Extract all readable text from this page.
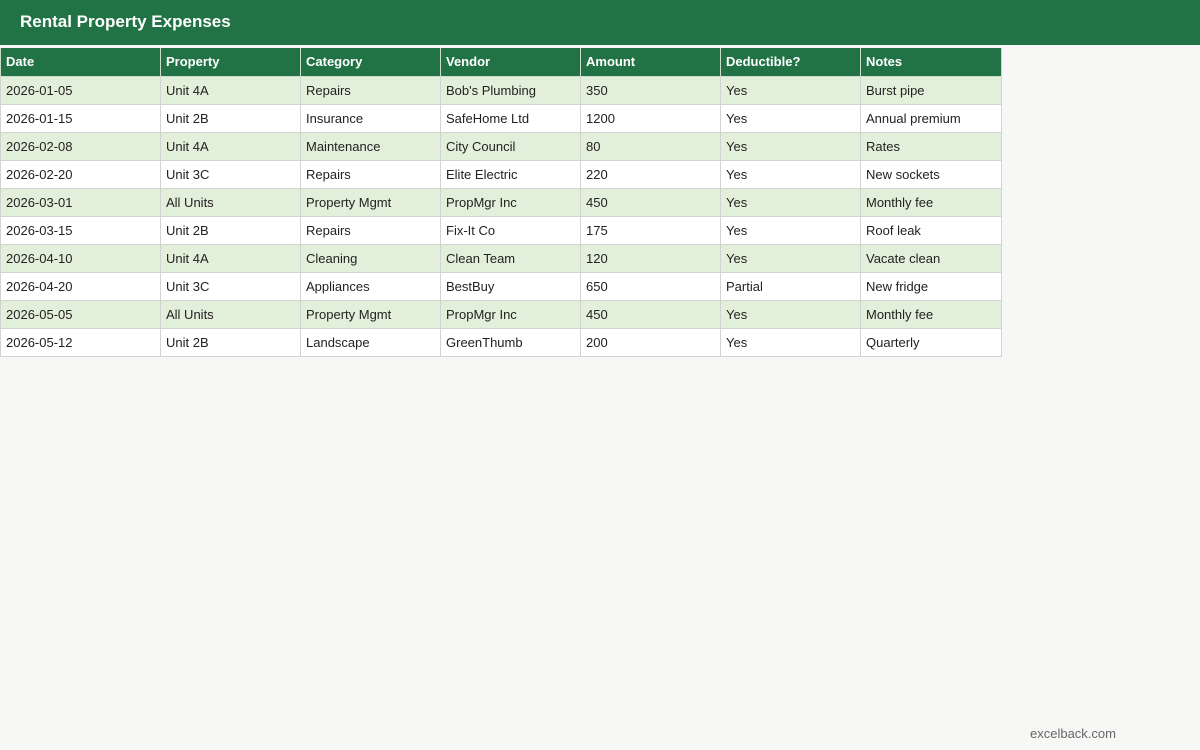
Rental Property Expenses
Date	Property	Category	Vendor	Amount	Deductible?	Notes
2026-01-05	Unit 4A	Repairs	Bob's Plumbing	350	Yes	Burst pipe
2026-01-15	Unit 2B	Insurance	SafeHome Ltd	1200	Yes	Annual premium
2026-02-08	Unit 4A	Maintenance	City Council	80	Yes	Rates
2026-02-20	Unit 3C	Repairs	Elite Electric	220	Yes	New sockets
2026-03-01	All Units	Property Mgmt	PropMgr Inc	450	Yes	Monthly fee
2026-03-15	Unit 2B	Repairs	Fix-It Co	175	Yes	Roof leak
2026-04-10	Unit 4A	Cleaning	Clean Team	120	Yes	Vacate clean
2026-04-20	Unit 3C	Appliances	BestBuy	650	Partial	New fridge
2026-05-05	All Units	Property Mgmt	PropMgr Inc	450	Yes	Monthly fee
2026-05-12	Unit 2B	Landscape	GreenThumb	200	Yes	Quarterly
excelback.com
